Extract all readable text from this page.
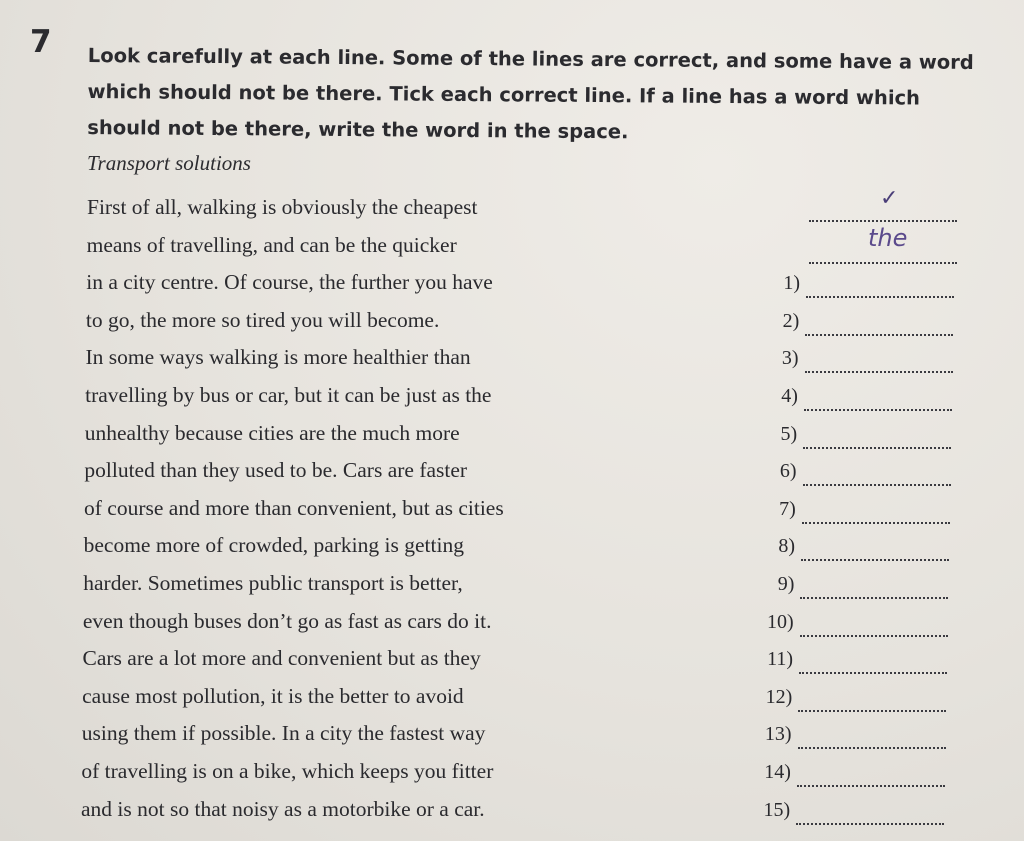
7 Look carefully at each line. Some of the lines are correct, and some have a word
which should not be there. Tick each correct line. If a line has a word which
should not be there, write the word in the space.
Transport solutions
First of all, walking is obviously the cheapest	✓
means of travelling, and can be the quicker	the
in a city centre. Of course, the further you have	1)
to go, the more so tired you will become.	2)
In some ways walking is more healthier than	3)
travelling by bus or car, but it can be just as the	4)
unhealthy because cities are the much more	5)
polluted than they used to be. Cars are faster	6)
of course and more than convenient, but as cities	7)
become more of crowded, parking is getting	8)
harder. Sometimes public transport is better,	9)
even though buses don’t go as fast as cars do it.	10)
Cars are a lot more and convenient but as they	11)
cause most pollution, it is the better to avoid	12)
using them if possible. In a city the fastest way	13)
of travelling is on a bike, which keeps you fitter	14)
and is not so that noisy as a motorbike or a car.	15)
